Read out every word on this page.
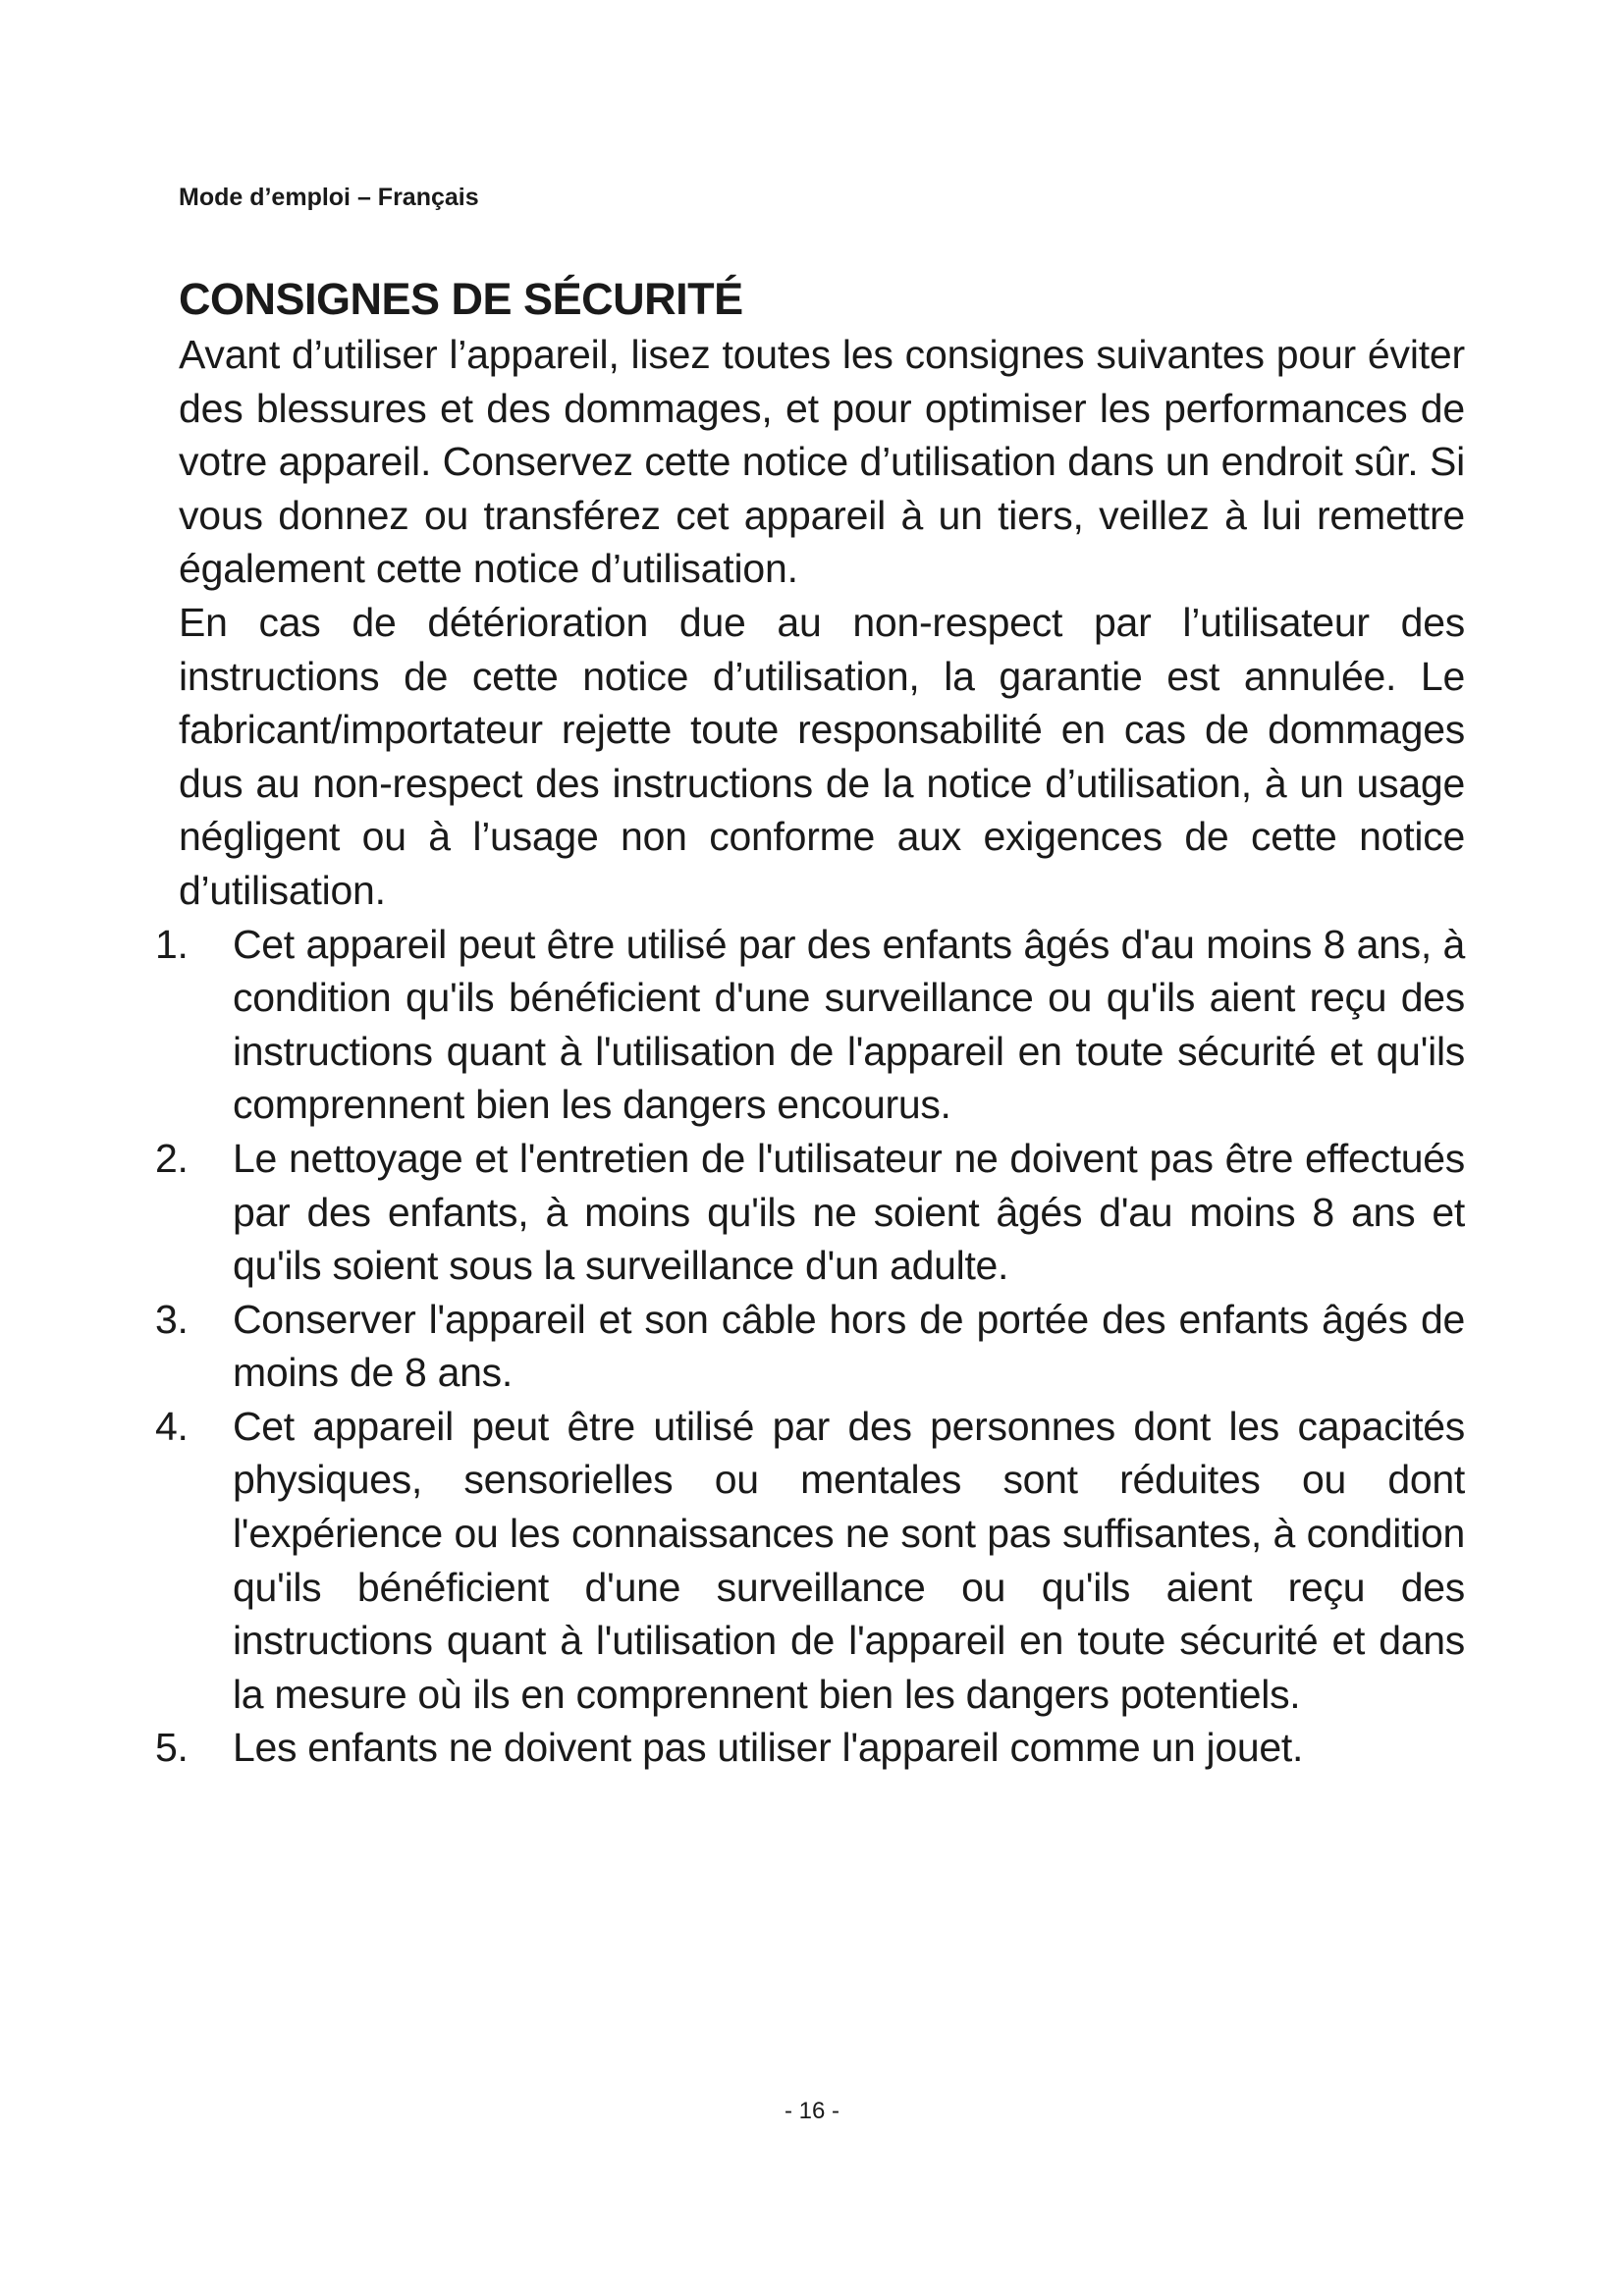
Mode d’emploi – Français
CONSIGNES DE SÉCURITÉ

Avant d’utiliser l’appareil, lisez toutes les consignes suivantes pour éviter des blessures et des dommages, et pour optimiser les performances de votre appareil. Conservez cette notice d’utilisation dans un endroit sûr. Si vous donnez ou transférez cet appareil à un tiers, veillez à lui remettre également cette notice d’utilisation.

En cas de détérioration due au non-respect par l’utilisateur des instructions de cette notice d’utilisation, la garantie est annulée. Le fabricant/importateur rejette toute responsabilité en cas de dommages dus au non-respect des instructions de la notice d’utilisation, à un usage négligent ou à l’usage non conforme aux exigences de cette notice d’utilisation.

1.	Cet appareil peut être utilisé par des enfants âgés d'au moins 8 ans, à condition qu'ils bénéficient d'une surveillance ou qu'ils aient reçu des instructions quant à l'utilisation de l'appareil en toute sécurité et qu'ils comprennent bien les dangers encourus.
2.	Le nettoyage et l'entretien de l'utilisateur ne doivent pas être effectués par des enfants, à moins qu'ils ne soient âgés d'au moins 8 ans et qu'ils soient sous la surveillance d'un adulte.
3.	Conserver l'appareil et son câble hors de portée des enfants âgés de moins de 8 ans.
4.	Cet appareil peut être utilisé par des personnes dont les capacités physiques, sensorielles ou mentales sont réduites ou dont l'expérience ou les connaissances ne sont pas suffisantes, à condition qu'ils bénéficient d'une surveillance ou qu'ils aient reçu des instructions quant à l'utilisation de l'appareil en toute sécurité et dans la mesure où ils en comprennent bien les dangers potentiels.
5.	Les enfants ne doivent pas utiliser l'appareil comme un jouet.
- 16 -
